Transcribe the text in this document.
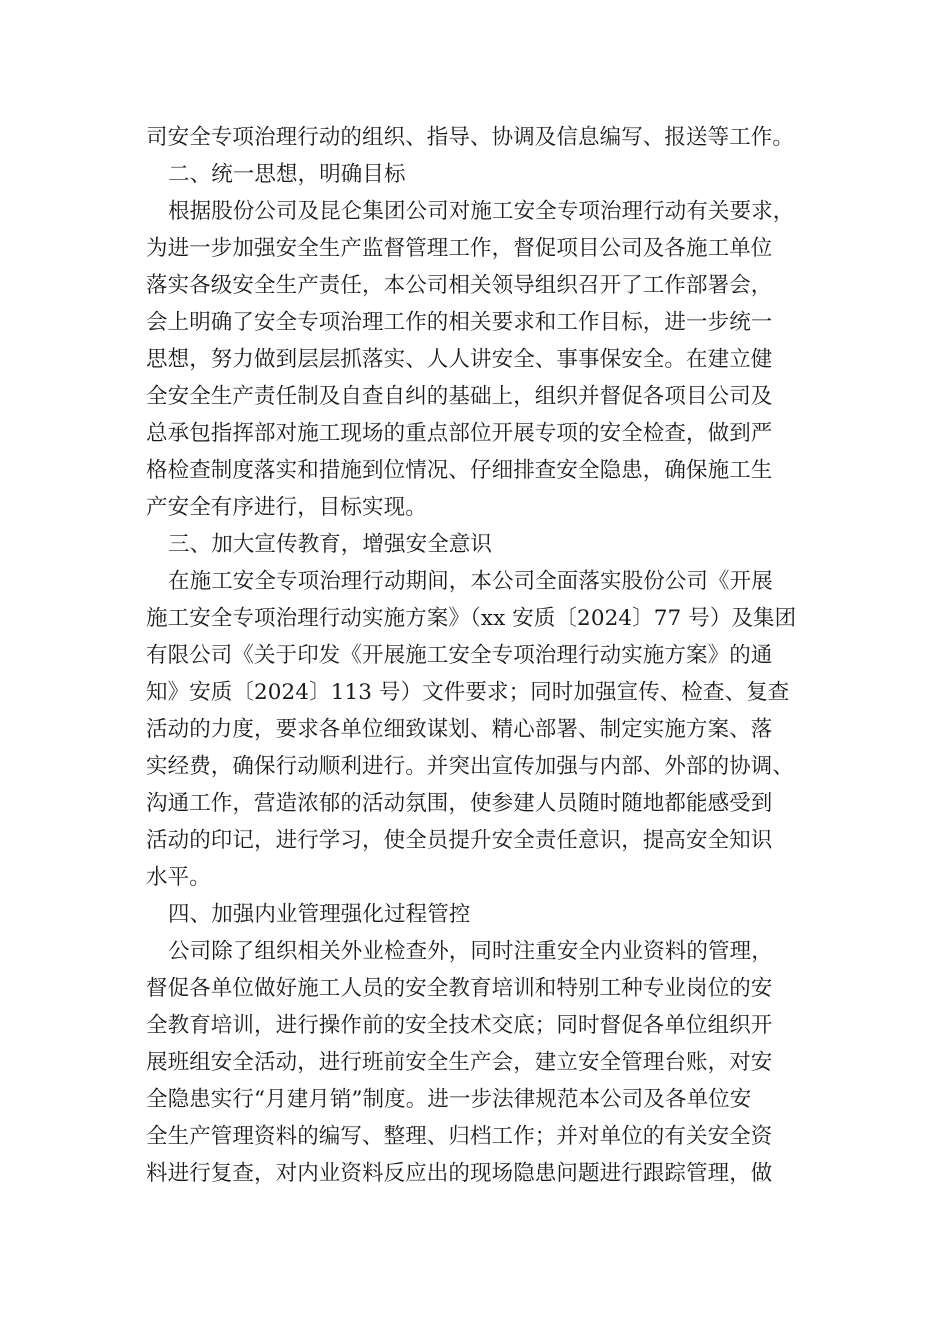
司安全专项治理行动的组织、指导、协调及信息编写、报送等工作。
二、统一思想，明确目标
根据股份公司及昆仑集团公司对施工安全专项治理行动有关要求，
为进一步加强安全生产监督管理工作，督促项目公司及各施工单位
落实各级安全生产责任，本公司相关领导组织召开了工作部署会，
会上明确了安全专项治理工作的相关要求和工作目标，进一步统一
思想，努力做到层层抓落实、人人讲安全、事事保安全。在建立健
全安全生产责任制及自查自纠的基础上，组织并督促各项目公司及
总承包指挥部对施工现场的重点部位开展专项的安全检查，做到严
格检查制度落实和措施到位情况、仔细排查安全隐患，确保施工生
产安全有序进行，目标实现。
三、加大宣传教育，增强安全意识
在施工安全专项治理行动期间，本公司全面落实股份公司《开展
施工安全专项治理行动实施方案》（xx 安质〔2024〕77 号）及集团
有限公司《关于印发《开展施工安全专项治理行动实施方案》的通
知》安质〔2024〕113 号）文件要求；同时加强宣传、检查、复查
活动的力度，要求各单位细致谋划、精心部署、制定实施方案、落
实经费，确保行动顺利进行。并突出宣传加强与内部、外部的协调、
沟通工作，营造浓郁的活动氛围，使参建人员随时随地都能感受到
活动的印记，进行学习，使全员提升安全责任意识，提高安全知识
水平。
四、加强内业管理强化过程管控
公司除了组织相关外业检查外，同时注重安全内业资料的管理，
督促各单位做好施工人员的安全教育培训和特别工种专业岗位的安
全教育培训，进行操作前的安全技术交底；同时督促各单位组织开
展班组安全活动，进行班前安全生产会，建立安全管理台账，对安
全隐患实行“月建月销”制度。进一步法律规范本公司及各单位安
全生产管理资料的编写、整理、归档工作；并对单位的有关安全资
料进行复查，对内业资料反应出的现场隐患问题进行跟踪管理，做
